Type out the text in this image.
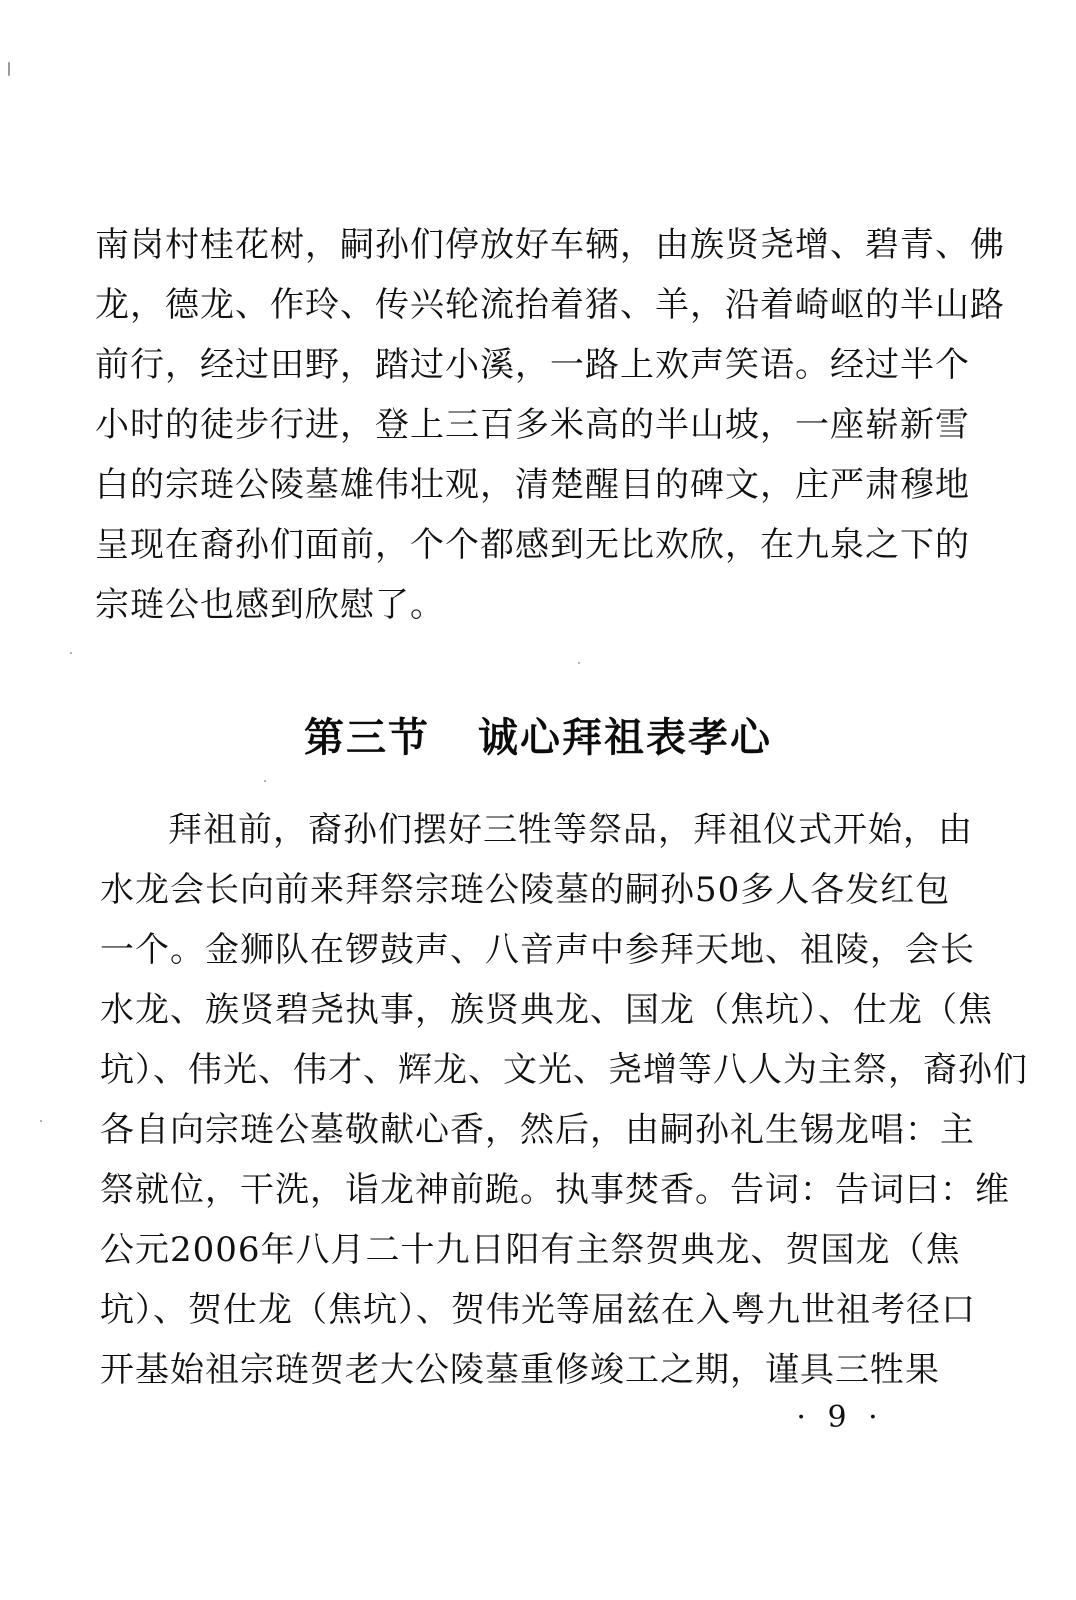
南岗村桂花树，嗣孙们停放好车辆，由族贤尧增、碧青、佛
龙，德龙、作玲、传兴轮流抬着猪、羊，沿着崎岖的半山路
前行，经过田野，踏过小溪，一路上欢声笑语。经过半个
小时的徒步行进，登上三百多米高的半山坡，一座崭新雪
白的宗琏公陵墓雄伟壮观，清楚醒目的碑文，庄严肃穆地
呈现在裔孙们面前，个个都感到无比欢欣，在九泉之下的
宗琏公也感到欣慰了。
第三节 诚心拜祖表孝心
拜祖前，裔孙们摆好三牲等祭品，拜祖仪式开始，由
水龙会长向前来拜祭宗琏公陵墓的嗣孙50多人各发红包
一个。金狮队在锣鼓声、八音声中参拜天地、祖陵，会长
水龙、族贤碧尧执事，族贤典龙、国龙（焦坑）、仕龙（焦
坑）、伟光、伟才、辉龙、文光、尧增等八人为主祭，裔孙们
各自向宗琏公墓敬献心香，然后，由嗣孙礼生锡龙唱：主
祭就位，干洗，诣龙神前跪。执事焚香。告词：告词曰：维
公元2006年八月二十九日阳有主祭贺典龙、贺国龙（焦
坑）、贺仕龙（焦坑）、贺伟光等届兹在入粤九世祖考径口
开基始祖宗琏贺老大公陵墓重修竣工之期，谨具三牲果
· 9 ·
